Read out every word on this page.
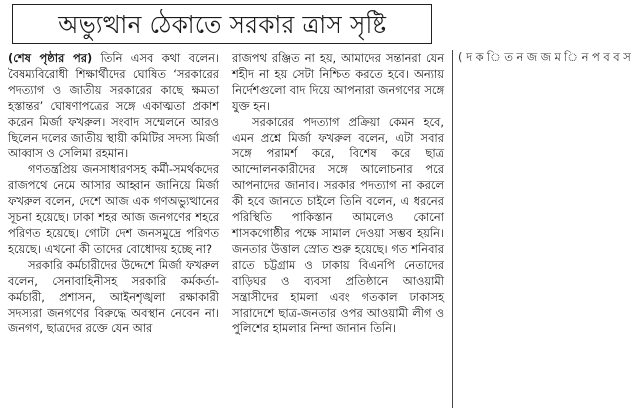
অভ্যুত্থান ঠেকাতে সরকার ত্রাস সৃষ্টি

(শেষ পৃষ্ঠার পর) তিনি এসব কথা বলেন। বৈষম্যবিরোধী শিক্ষার্থীদের ঘোষিত ‘সরকারের পদত্যাগ ও জাতীয় সরকারের কাছে ক্ষমতা হস্তান্তর’ ঘোষণাপত্রের সঙ্গে একাত্মতা প্রকাশ করেন মির্জা ফখরুল। সংবাদ সম্মেলনে আরও ছিলেন দলের জাতীয় স্থায়ী কমিটির সদস্য মির্জা আব্বাস ও সেলিমা রহমান।

গণতন্ত্রপ্রিয় জনসাধারণসহ কর্মী-সমর্থকদের রাজপথে নেমে আসার আহ্বান জানিয়ে মির্জা ফখরুল বলেন, দেশে আজ এক গণঅভ্যুত্থানের সূচনা হয়েছে। ঢাকা শহর আজ জনগণের শহরে পরিণত হয়েছে। গোটা দেশ জনসমুদ্রে পরিণত হয়েছে। এখনো কী তাদের বোধোদয় হচ্ছে না?

সরকারি কর্মচারীদের উদ্দেশে মির্জা ফখরুল বলেন, সেনাবাহিনীসহ সরকারি কর্মকর্তা-কর্মচারী, প্রশাসন, আইনশৃঙ্খলা রক্ষাকারী সদস্যরা জনগণের বিরুদ্ধে অবস্থান নেবেন না। জনগণ, ছাত্রদের রক্তে যেন আর

রাজপথ রঞ্জিত না হয়, আমাদের সন্তানরা যেন শহীদ না হয় সেটা নিশ্চিত করতে হবে। অন্যায় নির্দেশগুলো বাদ দিয়ে আপনারা জনগণের সঙ্গে যুক্ত হন।

সরকারের পদত্যাগ প্রক্রিয়া কেমন হবে, এমন প্রশ্নে মির্জা ফখরুল বলেন, এটা সবার সঙ্গে পরামর্শ করে, বিশেষ করে ছাত্র আন্দোলনকারীদের সঙ্গে আলোচনার পরে আপনাদের জানাব। সরকার পদত্যাগ না করলে কী হবে জানতে চাইলে তিনি বলেন, এ ধরনের পরিস্থিতি পাকিস্তান আমলেও কোনো শাসকগোষ্ঠীর পক্ষে সামাল দেওয়া সম্ভব হয়নি। জনতার উত্তাল স্রোত শুরু হয়েছে। গত শনিবার রাতে চট্টগ্রাম ও ঢাকায় বিএনপি নেতাদের বাড়িঘর ও ব্যবসা প্রতিষ্ঠানে আওয়ামী সন্ত্রাসীদের হামলা এবং গতকাল ঢাকাসহ সারাদেশে ছাত্র-জনতার ওপর আওয়ামী লীগ ও পুলিশের হামলার নিন্দা জানান তিনি।

( দ ক ি ত ন জ জ ম ি ন প ব ব স
